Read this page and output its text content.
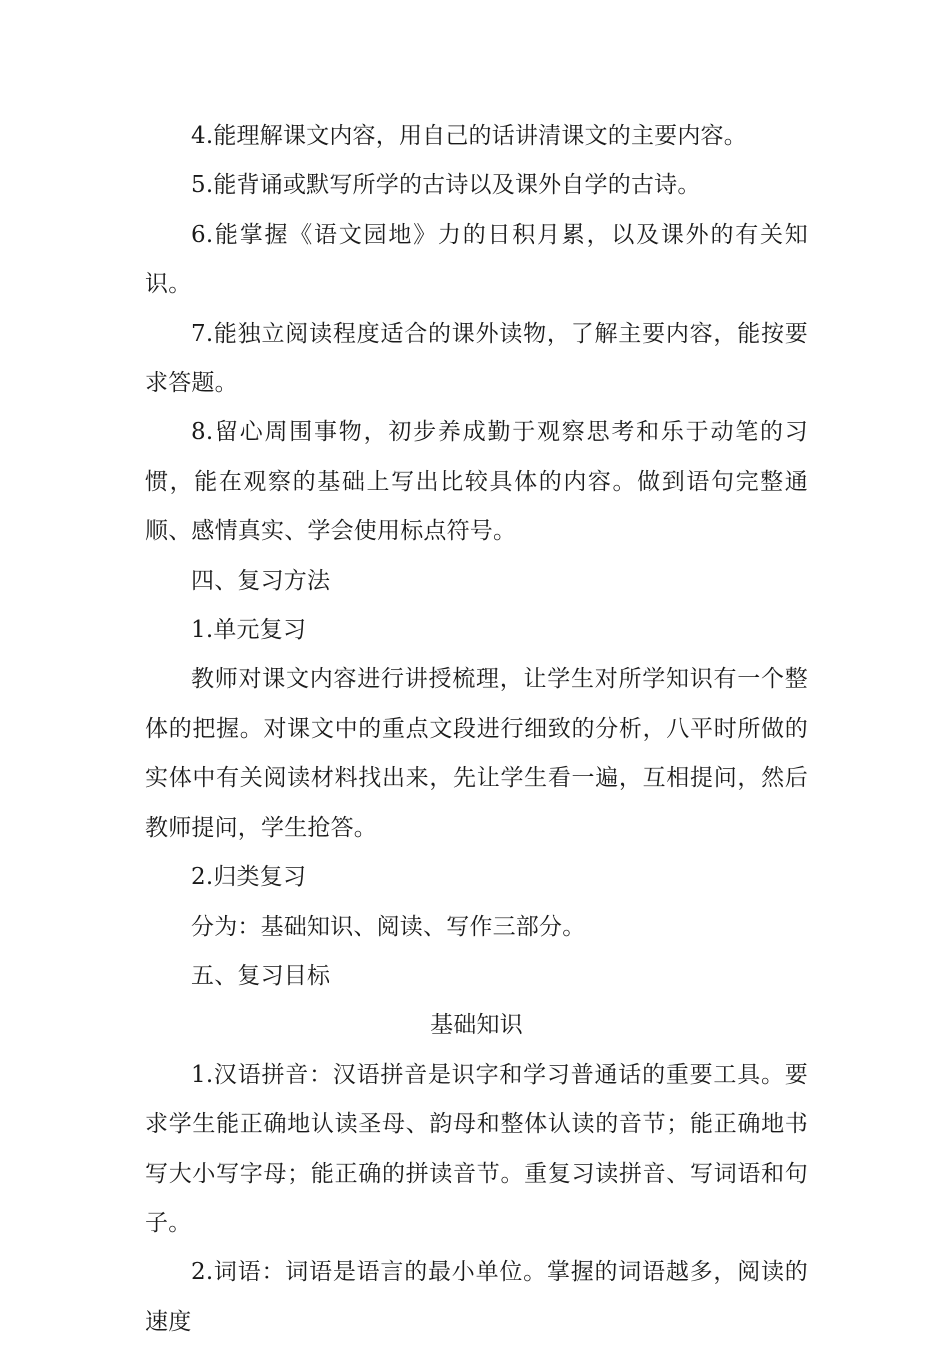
4.能理解课文内容，用自己的话讲清课文的主要内容。

5.能背诵或默写所学的古诗以及课外自学的古诗。

6.能掌握《语文园地》力的日积月累，以及课外的有关知识。

7.能独立阅读程度适合的课外读物，了解主要内容，能按要求答题。

8.留心周围事物，初步养成勤于观察思考和乐于动笔的习惯，能在观察的基础上写出比较具体的内容。做到语句完整通顺、感情真实、学会使用标点符号。

四、复习方法

1.单元复习

教师对课文内容进行讲授梳理，让学生对所学知识有一个整体的把握。对课文中的重点文段进行细致的分析，八平时所做的实体中有关阅读材料找出来，先让学生看一遍，互相提问，然后教师提问，学生抢答。

2.归类复习

分为：基础知识、阅读、写作三部分。

五、复习目标

基础知识

1.汉语拼音：汉语拼音是识字和学习普通话的重要工具。要求学生能正确地认读圣母、韵母和整体认读的音节；能正确地书写大小写字母；能正确的拼读音节。重复习读拼音、写词语和句子。

2.词语：词语是语言的最小单位。掌握的词语越多，阅读的速度
